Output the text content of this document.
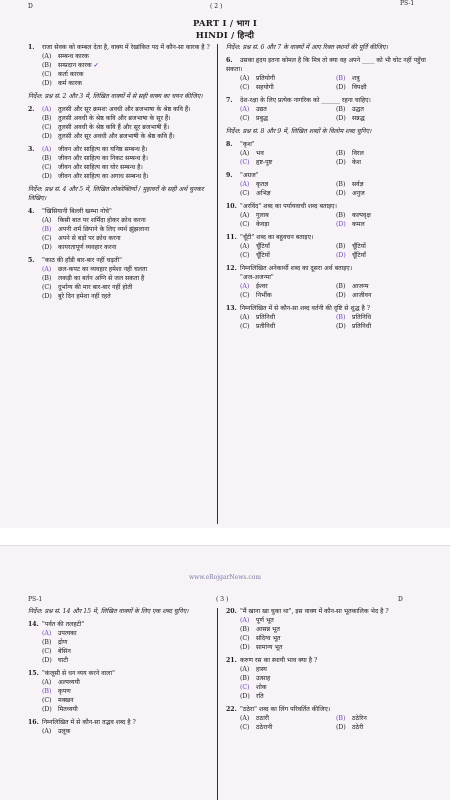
D	( 2 )	PS-1
PART I / भाग I
HINDI / हिन्दी
1. राजा सेवक को कम्बल देता है, वाक्य में रेखांकित पद में कौन-सा कारक है ?
(A)	सम्बन्ध कारक
(B)	सम्प्रदान कारक ✓
(C)	कर्ता कारक
(D)	कर्म कारक
निर्देश: प्रश्न सं. 2 और 3 में, लिखित वाक्यों में से सही वाक्य का चयन कीजिए।
2. (A)	तुलसी और सूर क्रमशः अवधी और ब्रजभाषा के श्रेष्ठ कवि हैं।
(B)	तुलसी अवधी के श्रेष्ठ कवि और ब्रजभाषा के सूर हैं।
(C)	तुलसी अवधी के श्रेष्ठ कवि हैं और सूर ब्रजभाषी हैं।
(D)	तुलसी और सूर अवधी और ब्रजभाषी के श्रेष्ठ कवि हैं।
3. (A)	जीवन और साहित्य का घनिष्ठ सम्बन्ध है।
(B)	जीवन और साहित्य का निकट सम्बन्ध है।
(C)	जीवन और साहित्य का घोर सम्बन्ध है।
(D)	जीवन और साहित्य का अगाध सम्बन्ध है।
निर्देश: प्रश्न सं. 4 और 5 में, लिखित लोकोक्तियों / मुहावरों के सही अर्थ चुनकर लिखिए।
4. "खिसियानी बिल्ली खम्भा नोचे"
(A)	किसी बात पर शर्मिंदा होकर क्रोध करना
(B)	अपनी शर्म छिपाने के लिए व्यर्थ झुंझलाना
(C)	अपने से बड़ों पर क्रोध करना
(D)	कायरतापूर्ण व्यवहार करना
5. "काठ की हाँडी बार-बार नहीं चढ़ती"
(A)	छल-कपट का व्यवहार हमेशा नहीं चलता
(B)	लकड़ी का बर्तन अग्नि से जल सकता है
(C)	दुर्भाग्य की मार बार-बार नहीं होती
(D)	बुरे दिन हमेशा नहीं रहते
निर्देश: प्रश्न सं. 6 और 7 के वाक्यों में आए रिक्त स्थानों की पूर्ति कीजिए।
6. उसका हृदय इतना कोमल है कि मित्र तो क्या वह अपने ____ को भी चोट नहीं पहुँचा सकता।
(A)	प्रतियोगी	(B)	शत्रु
(C)	सहयोगी	(D)	विपक्षी
7. देश-रक्षा के लिए प्रत्येक नागरिक को ______ रहना चाहिए।
(A)	उद्यत	(B)	उद्धत
(C)	प्रबुद्ध	(D)	सन्नद्ध
निर्देश: प्रश्न सं. 8 और 9 में, लिखित शब्दों के विलोम शब्द चुनिए।
8. "कृश"
(A)	भव	(B)	विरल
(C)	हृष्ट-पुष्ट	(D)	केश
9. "अग्रज"
(A)	कृतज्ञ	(B)	सर्वज्ञ
(C)	अभिज्ञ	(D)	अनुज
10. "अरविंद" शब्द का पर्यायवाची शब्द बताइए।
(A)	गुलाब	(B)	कल्पवृक्ष
(C)	केवड़ा	(D)	कमल
11. "चूँटी" शब्द का बहुवचन बताइए।
(A)	चूँटियाँ	(B)	चूँटियों
(C)	चूँटियों	(D)	चूँटियाँ
12. निम्नलिखित अनेकार्थी शब्द का दूसरा अर्थ बताइए।
"अज-अजन्मा"
(A)	ईश्वर	(B)	आजन्म
(C)	निर्भीक	(D)	आजीवन
13. निम्नलिखित में से कौन-सा शब्द वर्तनी की दृष्टि से शुद्ध है ?
(A)	प्रतिनिधी	(B)	प्रतिनिधि
(C)	प्रतीनिधी	(D)	प्रतिनिधी
www.eRojgarNews.com
PS-1	( 3 )	D
निर्देश: प्रश्न सं. 14 और 15 में, लिखित वाक्यों के लिए एक शब्द चुनिए।
14. "पर्वत की तलहटी"
(A)	उपत्यका
(B)	द्रोण
(C)	बेसिन
(D)	घाटी
15. "कंजूसी से धन व्यय करने वाला"
(A)	अल्पव्ययी
(B)	कृपण
(C)	मक्खन
(D)	मितव्ययी
16. निम्नलिखित में से कौन-सा तद्भव शब्द है ?
(A)	उलूक
20. "मैं खाना खा चुका था", इस वाक्य में कौन-सा भूतकालिक भेद है ?
(A)	पूर्ण भूत
(B)	आसन्न भूत
(C)	संदिग्ध भूत
(D)	सामान्य भूत
21. करुण रस का स्थायी भाव क्या है ?
(A)	हास्य
(B)	उत्साह
(C)	शोक
(D)	रति
22. "ठठेरा" शब्द का लिंग परिवर्तित कीजिए।
(A)	ठठारी	(B)	ठठेरिन
(C)	ठठेरानी	(D)	ठठेरी
